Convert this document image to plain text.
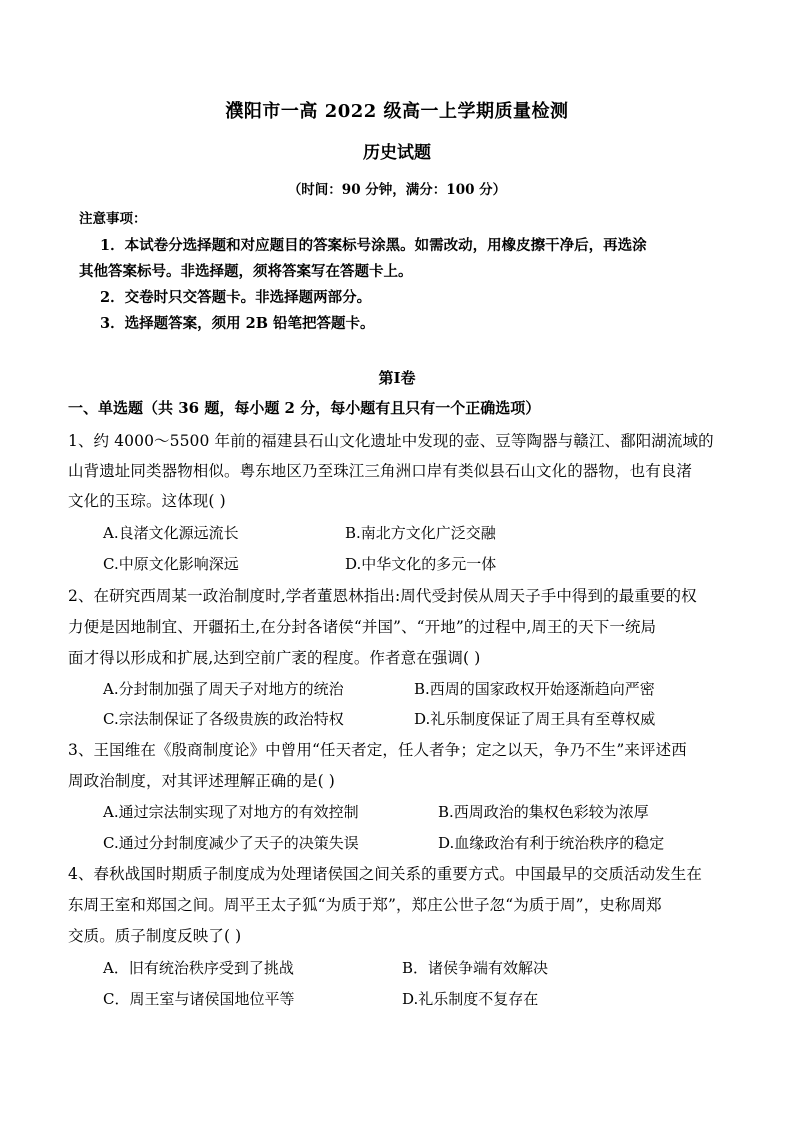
濮阳市一高 2022 级高一上学期质量检测
历史试题
（时间：90 分钟，满分：100 分）
注意事项：
1．本试卷分选择题和对应题目的答案标号涂黑。如需改动，用橡皮擦干净后，再选涂
其他答案标号。非选择题，须将答案写在答题卡上。
2．交卷时只交答题卡。非选择题两部分。
3．选择题答案，须用 2B 铅笔把答题卡。
第Ⅰ卷
一、单选题（共 36 题，每小题 2 分，每小题有且只有一个正确选项）
1、约 4000～5500 年前的福建县石山文化遗址中发现的壶、豆等陶器与赣江、鄱阳湖流域的
山背遗址同类器物相似。粤东地区乃至珠江三角洲口岸有类似县石山文化的器物，也有良渚
文化的玉琮。这体现( )
A.良渚文化源远流长	B.南北方文化广泛交融
C.中原文化影响深远	D.中华文化的多元一体
2、在研究西周某一政治制度时,学者董恩林指出:周代受封侯从周天子手中得到的最重要的权
力便是因地制宜、开疆拓土,在分封各诸侯“并国”、“开地”的过程中,周王的天下一统局
面才得以形成和扩展,达到空前广袤的程度。作者意在强调( )
A.分封制加强了周天子对地方的统治	B.西周的国家政权开始逐渐趋向严密
C.宗法制保证了各级贵族的政治特权	D.礼乐制度保证了周王具有至尊权威
3、王国维在《殷商制度论》中曾用“任天者定，任人者争；定之以天，争乃不生”来评述西
周政治制度，对其评述理解正确的是( )
A.通过宗法制实现了对地方的有效控制	B.西周政治的集权色彩较为浓厚
C.通过分封制度减少了天子的决策失误	D.血缘政治有利于统治秩序的稳定
4、春秋战国时期质子制度成为处理诸侯国之间关系的重要方式。中国最早的交质活动发生在
东周王室和郑国之间。周平王太子狐“为质于郑”，郑庄公世子忽“为质于周”，史称周郑
交质。质子制度反映了( )
A．旧有统治秩序受到了挑战	B．诸侯争端有效解决
C．周王室与诸侯国地位平等	D.礼乐制度不复存在
